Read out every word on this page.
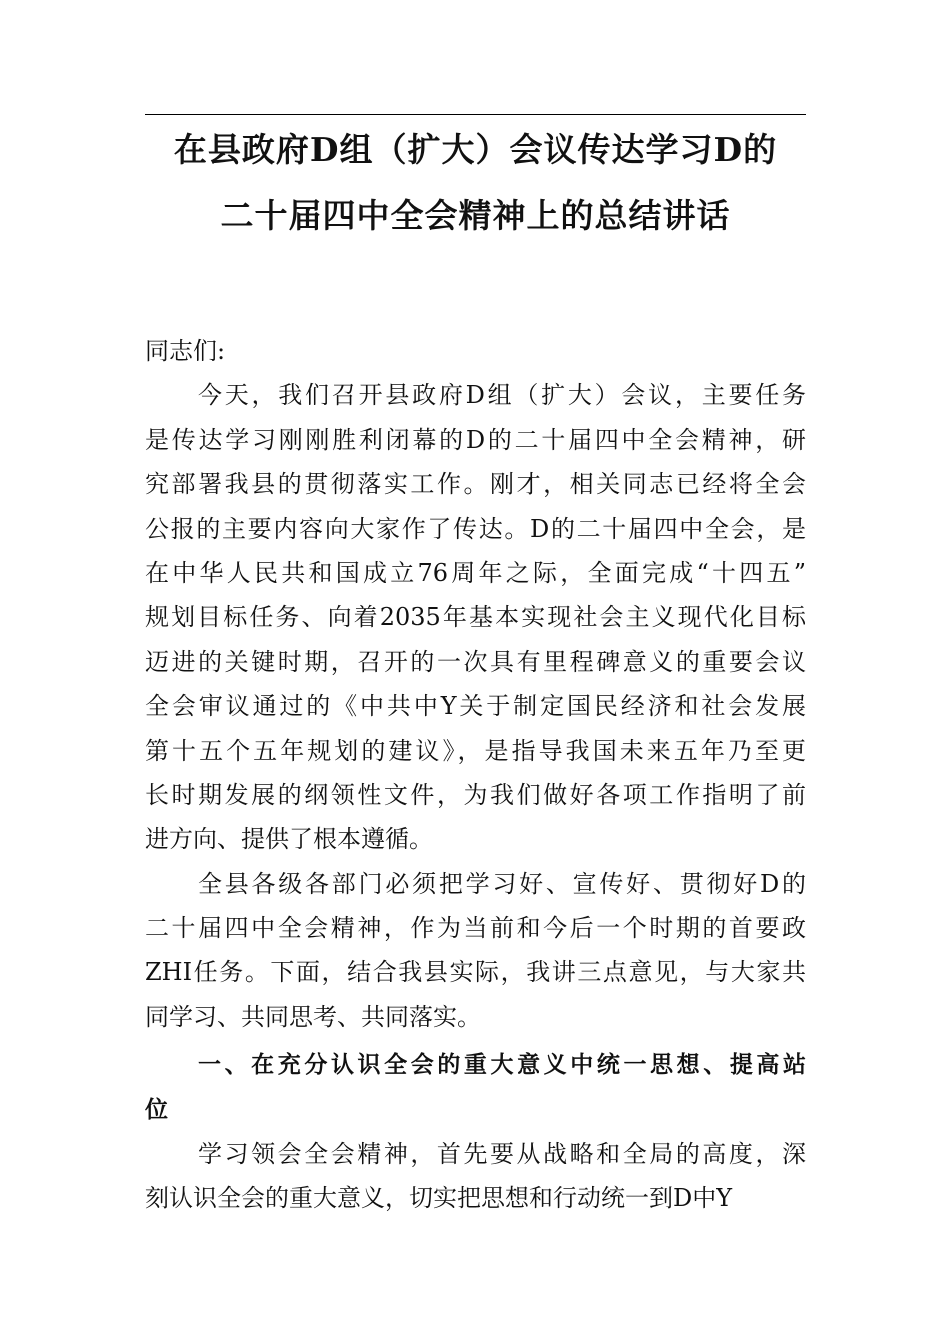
在县政府D组（扩大）会议传达学习D的
二十届四中全会精神上的总结讲话
同志们:
今天，我们召开县政府D组（扩大）会议，主要任务
是传达学习刚刚胜利闭幕的D的二十届四中全会精神，研
究部署我县的贯彻落实工作。刚才，相关同志已经将全会
公报的主要内容向大家作了传达。D的二十届四中全会，是
在中华人民共和国成立76周年之际，全面完成“十四五”
规划目标任务、向着2035年基本实现社会主义现代化目标
迈进的关键时期，召开的一次具有里程碑意义的重要会议
全会审议通过的《中共中Y关于制定国民经济和社会发展
第十五个五年规划的建议》，是指导我国未来五年乃至更
长时期发展的纲领性文件，为我们做好各项工作指明了前
进方向、提供了根本遵循。
全县各级各部门必须把学习好、宣传好、贯彻好D的
二十届四中全会精神，作为当前和今后一个时期的首要政
ZHI任务。下面，结合我县实际，我讲三点意见，与大家共
同学习、共同思考、共同落实。
一、在充分认识全会的重大意义中统一思想、提高站
位
学习领会全会精神，首先要从战略和全局的高度，深
刻认识全会的重大意义，切实把思想和行动统一到D中Y
